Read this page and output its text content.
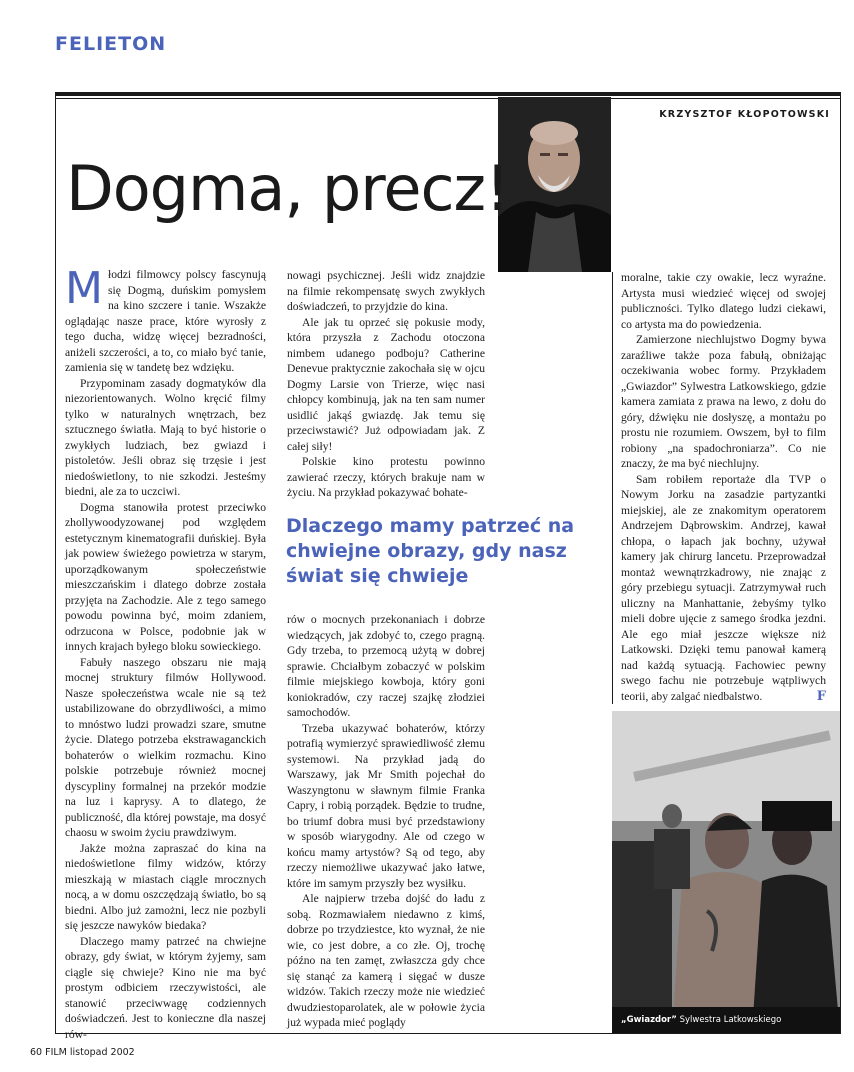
FELIETON
KRZYSZTOF KŁOPOTOWSKI
Dogma, precz!

Młodzi filmowcy polscy fascynują się Dogmą, duńskim pomysłem na kino szczere i tanie. Wszakże oglądając nasze prace, które wyrosły z tego ducha, widzę więcej bezradności, aniżeli szczerości, a to, co miało być tanie, zamienia się w tandetę bez wdzięku.

Przypominam zasady dogmatyków dla niezorientowanych. Wolno kręcić filmy tylko w naturalnych wnętrzach, bez sztucznego światła. Mają to być historie o zwykłych ludziach, bez gwiazd i pistoletów. Jeśli obraz się trzęsie i jest niedoświetlony, to nie szkodzi. Jesteśmy biedni, ale za to uczciwi.

Dogma stanowiła protest przeciwko zhollywoodyzowanej pod względem estetycznym kinematografii duńskiej. Była jak powiew świeżego powietrza w starym, uporządkowanym społeczeństwie mieszczańskim i dlatego dobrze została przyjęta na Zachodzie. Ale z tego samego powodu powinna być, moim zdaniem, odrzucona w Polsce, podobnie jak w innych krajach byłego bloku sowieckiego.

Fabuły naszego obszaru nie mają mocnej struktury filmów Hollywood. Nasze społeczeństwa wcale nie są też ustabilizowane do obrzydliwości, a mimo to mnóstwo ludzi prowadzi szare, smutne życie. Dlatego potrzeba ekstrawaganckich bohaterów o wielkim rozmachu. Kino polskie potrzebuje również mocnej dyscypliny formalnej na przekór modzie na luz i kaprysy. A to dlatego, że publiczność, dla której powstaje, ma dosyć chaosu w swoim życiu prawdziwym.

Jakże można zapraszać do kina na niedoświetlone filmy widzów, którzy mieszkają w miastach ciągle mrocznych nocą, a w domu oszczędzają światło, bo są biedni. Albo już zamożni, lecz nie pozbyli się jeszcze nawyków biedaka?

Dlaczego mamy patrzeć na chwiejne obrazy, gdy świat, w którym żyjemy, sam ciągle się chwieje? Kino nie ma być prostym odbiciem rzeczywistości, ale stanowić przeciwwagę codziennych doświadczeń. Jest to konieczne dla naszej rów-

nowagi psychicznej. Jeśli widz znajdzie na filmie rekompensatę swych zwykłych doświadczeń, to przyjdzie do kina.

Ale jak tu oprzeć się pokusie mody, która przyszła z Zachodu otoczona nimbem udanego podboju? Catherine Denevue praktycznie zakochała się w ojcu Dogmy Larsie von Trierze, więc nasi chłopcy kombinują, jak na ten sam numer usidlić jakąś gwiazdę. Jak temu się przeciwstawić? Już odpowiadam jak. Z całej siły!

Polskie kino protestu powinno zawierać rzeczy, których brakuje nam w życiu. Na przykład pokazywać bohate-

Dlaczego mamy patrzeć na chwiejne obrazy, gdy nasz świat się chwieje

rów o mocnych przekonaniach i dobrze wiedzących, jak zdobyć to, czego pragną. Gdy trzeba, to przemocą użytą w dobrej sprawie. Chciałbym zobaczyć w polskim filmie miejskiego kowboja, który goni koniokradów, czy raczej szajkę złodziei samochodów.

Trzeba ukazywać bohaterów, którzy potrafią wymierzyć sprawiedliwość złemu systemowi. Na przykład jadą do Warszawy, jak Mr Smith pojechał do Waszyngtonu w sławnym filmie Franka Capry, i robią porządek. Będzie to trudne, bo triumf dobra musi być przedstawiony w sposób wiarygodny. Ale od czego w końcu mamy artystów? Są od tego, aby rzeczy niemożliwe ukazywać jako łatwe, które im samym przyszły bez wysiłku.

Ale najpierw trzeba dojść do ładu z sobą. Rozmawiałem niedawno z kimś, dobrze po trzydziestce, kto wyznał, że nie wie, co jest dobre, a co złe. Oj, trochę późno na ten zamęt, zwłaszcza gdy chce się stanąć za kamerą i sięgać w dusze widzów. Takich rzeczy może nie wiedzieć dwudziestoparolatek, ale w połowie życia już wypada mieć poglądy

moralne, takie czy owakie, lecz wyraźne. Artysta musi wiedzieć więcej od swojej publiczności. Tylko dlatego ludzi ciekawi, co artysta ma do powiedzenia.

Zamierzone niechlujstwo Dogmy bywa zaraźliwe także poza fabułą, obniżając oczekiwania wobec formy. Przykładem „Gwiazdor” Sylwestra Latkowskiego, gdzie kamera zamiata z prawa na lewo, z dołu do góry, dźwięku nie dosłyszę, a montażu po prostu nie rozumiem. Owszem, był to film robiony „na spadochroniarza”. Co nie znaczy, że ma być niechlujny.

Sam robiłem reportaże dla TVP o Nowym Jorku na zasadzie partyzantki miejskiej, ale ze znakomitym operatorem Andrzejem Dąbrowskim. Andrzej, kawał chłopa, o łapach jak bochny, używał kamery jak chirurg lancetu. Przeprowadzał montaż wewnątrzkadrowy, nie znając z góry przebiegu sytuacji. Zatrzymywał ruch uliczny na Manhattanie, żebyśmy tylko mieli dobre ujęcie z samego środka jezdni. Ale ego miał jeszcze większe niż Latkowski. Dzięki temu panował kamerą nad każdą sytuacją. Fachowiec pewny swego fachu nie potrzebuje wątpliwych teorii, aby zalgać niedbalstwo.	F

„Gwiazdor” Sylwestra Latkowskiego
60 FILM listopad 2002
